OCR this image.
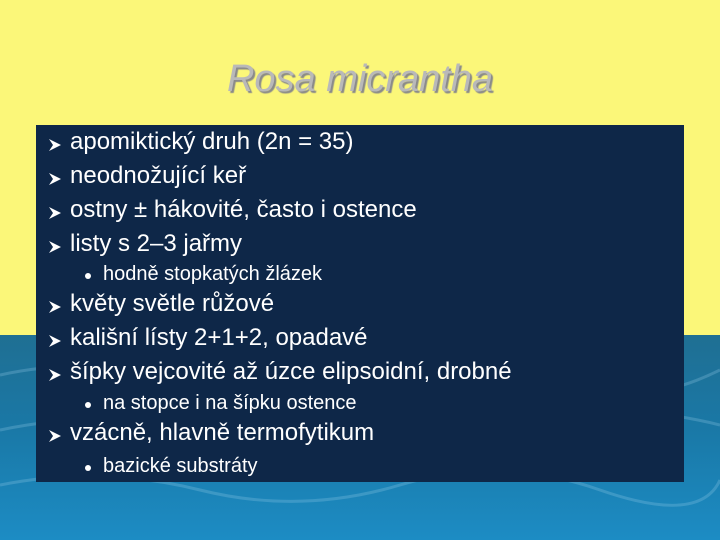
Rosa micrantha
apomiktický druh (2n = 35)
neodnožující keř
ostny ± hákovité, často i ostence
listy s 2–3 jařmy
hodně stopkatých žlázek
květy světle růžové
kališní lísty 2+1+2, opadavé
šípky vejcovité až úzce elipsoidní, drobné
na stopce i na šípku ostence
vzácně, hlavně termofytikum
bazické substráty
